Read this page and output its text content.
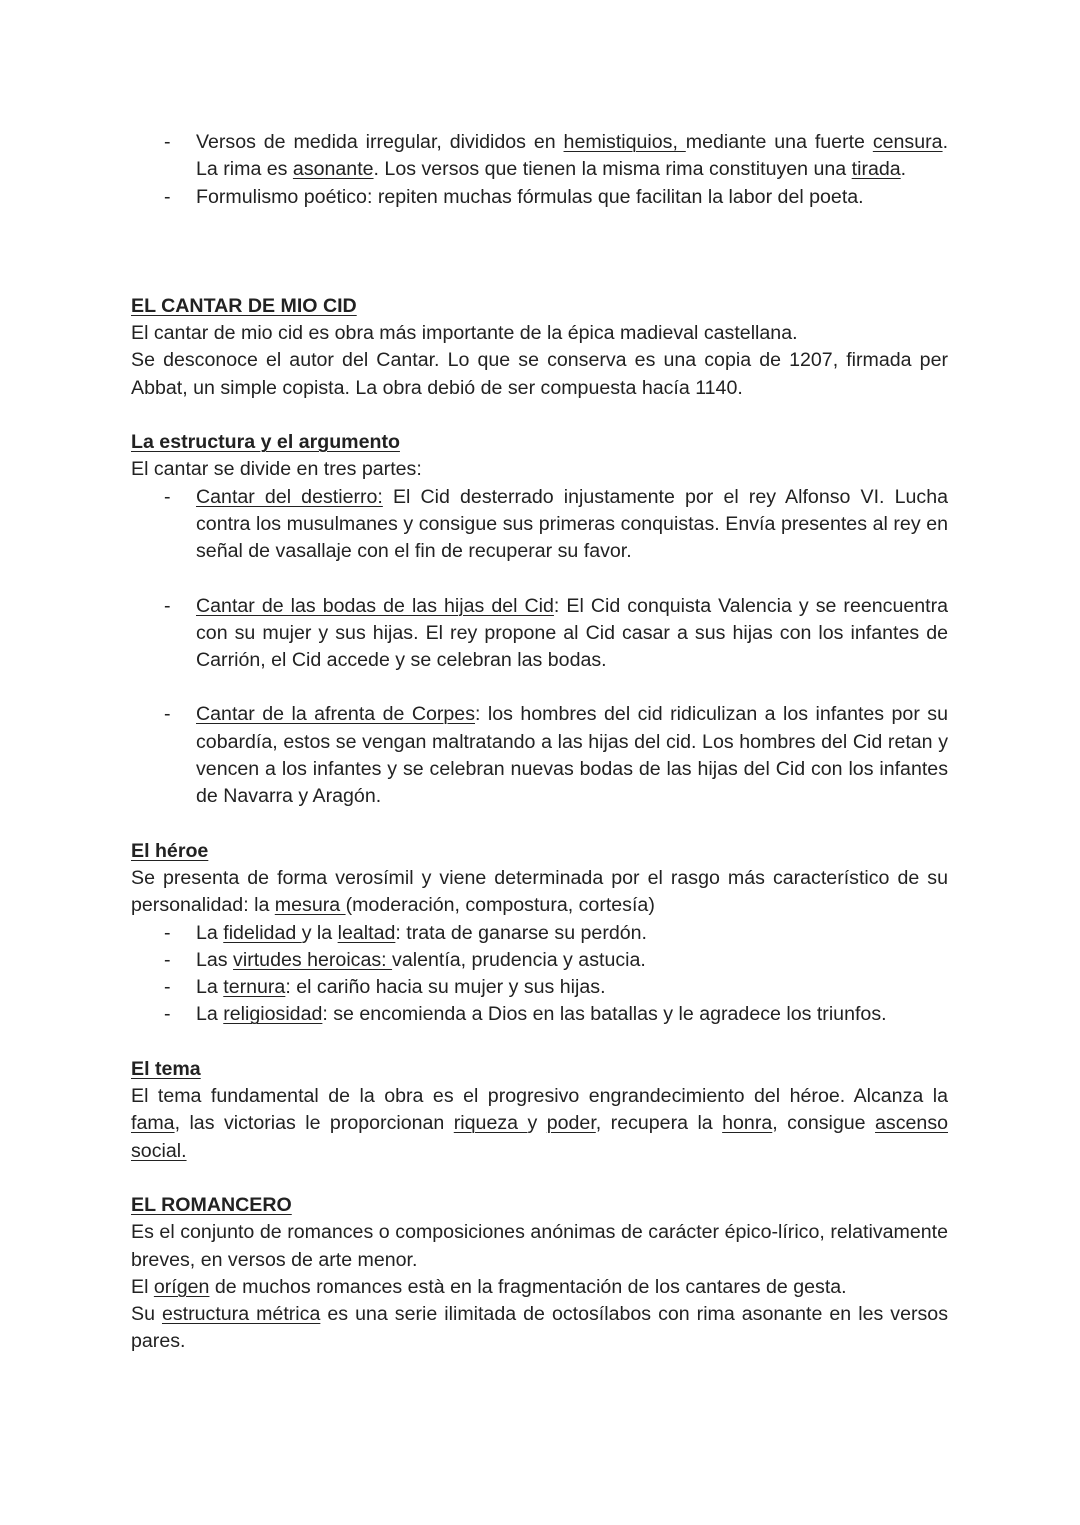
- Versos de medida irregular, divididos en hemistiquios, mediante una fuerte censura. La rima es asonante. Los versos que tienen la misma rima constituyen una tirada.
- Formulismo poético: repiten muchas fórmulas que facilitan la labor del poeta.

EL CANTAR DE MIO CID

El cantar de mio cid es obra más importante de la épica madieval castellana.

Se desconoce el autor del Cantar. Lo que se conserva es una copia de 1207, firmada per Abbat, un simple copista. La obra debió de ser compuesta hacía 1140.

La estructura y el argumento

El cantar se divide en tres partes:

- Cantar del destierro: El Cid desterrado injustamente por el rey Alfonso VI. Lucha contra los musulmanes y consigue sus primeras conquistas. Envía presentes al rey en señal de vasallaje con el fin de recuperar su favor.
- Cantar de las bodas de las hijas del Cid: El Cid conquista Valencia y se reencuentra con su mujer y sus hijas. El rey propone al Cid casar a sus hijas con los infantes de Carrión, el Cid accede y se celebran las bodas.
- Cantar de la afrenta de Corpes: los hombres del cid ridiculizan a los infantes por su cobardía, estos se vengan maltratando a las hijas del cid. Los hombres del Cid retan y vencen a los infantes y se celebran nuevas bodas de las hijas del Cid con los infantes de Navarra y Aragón.

El héroe

Se presenta de forma verosímil y viene determinada por el rasgo más característico de su personalidad: la mesura (moderación, compostura, cortesía)

- La fidelidad y la lealtad: trata de ganarse su perdón.
- Las virtudes heroicas: valentía, prudencia y astucia.
- La ternura: el cariño hacia su mujer y sus hijas.
- La religiosidad: se encomienda a Dios en las batallas y le agradece los triunfos.

El tema

El tema fundamental de la obra es el progresivo engrandecimiento del héroe. Alcanza la fama, las victorias le proporcionan riqueza y poder, recupera la honra, consigue ascenso social.

EL ROMANCERO

Es el conjunto de romances o composiciones anónimas de carácter épico-lírico, relativamente breves, en versos de arte menor.

El orígen de muchos romances està en la fragmentación de los cantares de gesta.

Su estructura métrica es una serie ilimitada de octosílabos con rima asonante en les versos pares.
